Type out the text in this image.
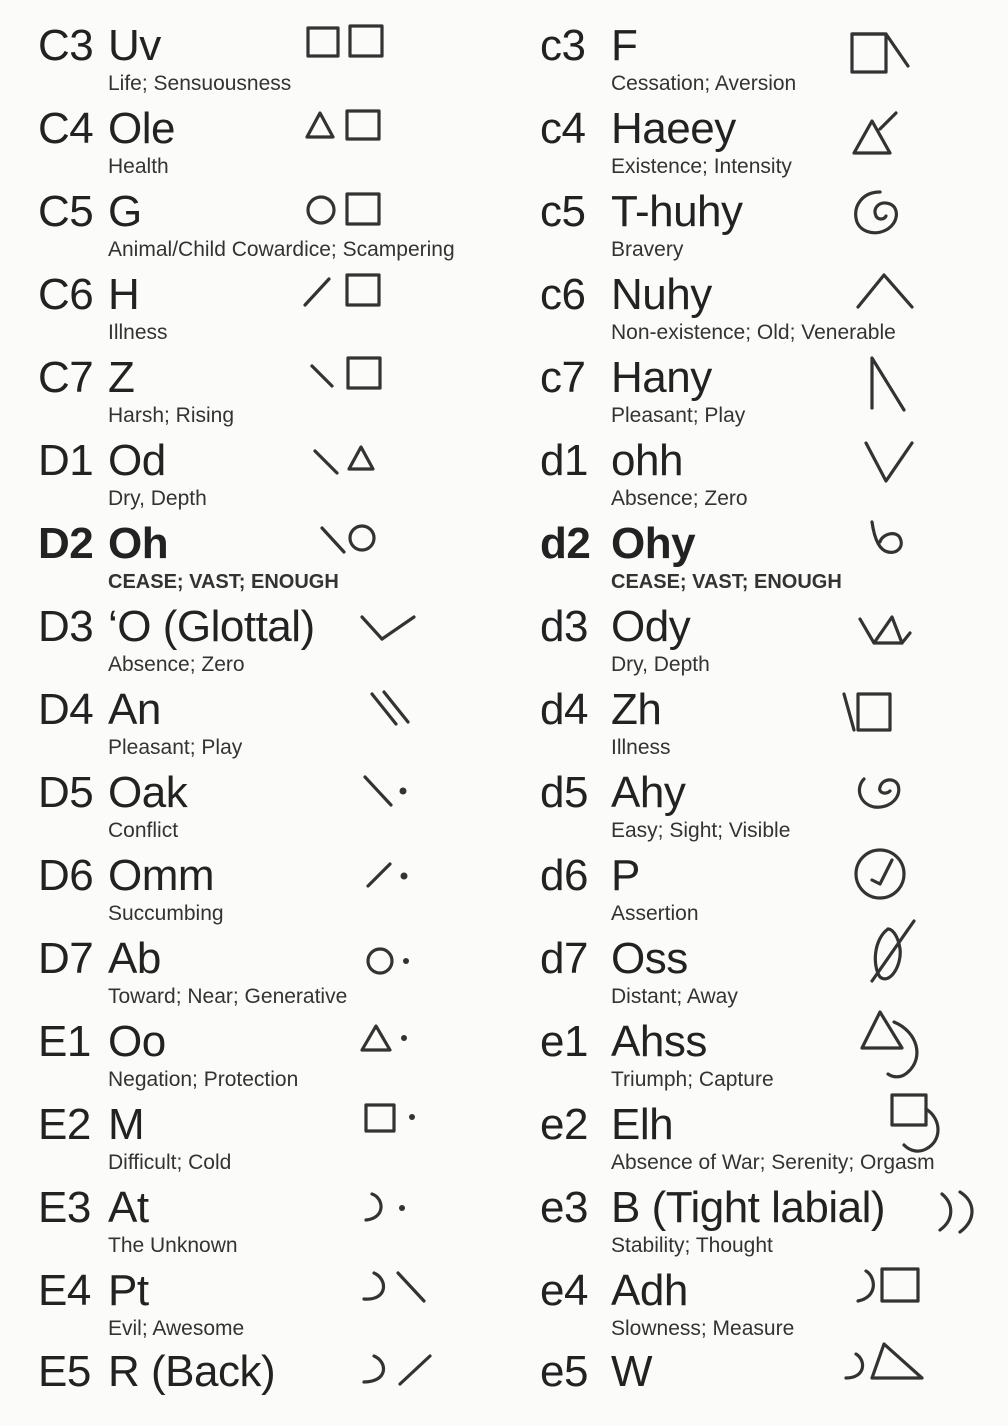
C3 Uv
Life; Sensuousness
C4 Ole
Health
C5 G
Animal/Child Cowardice; Scampering
C6 H
Illness
C7 Z
Harsh; Rising
D1 Od
Dry, Depth
D2 Oh
CEASE; VAST; ENOUGH
D3 ‘O (Glottal)
Absence; Zero
D4 An
Pleasant; Play
D5 Oak
Conflict
D6 Omm
Succumbing
D7 Ab
Toward; Near; Generative
E1 Oo
Negation; Protection
E2 M
Difficult; Cold
E3 At
The Unknown
E4 Pt
Evil; Awesome
E5 R (Back)
c3 F
Cessation; Aversion
c4 Haeey
Existence; Intensity
c5 T-huhy
Bravery
c6 Nuhy
Non-existence; Old; Venerable
c7 Hany
Pleasant; Play
d1 ohh
Absence; Zero
d2 Ohy
CEASE; VAST; ENOUGH
d3 Ody
Dry, Depth
d4 Zh
Illness
d5 Ahy
Easy; Sight; Visible
d6 P
Assertion
d7 Oss
Distant; Away
e1 Ahss
Triumph; Capture
e2 Elh
Absence of War; Serenity; Orgasm
e3 B (Tight labial)
Stability; Thought
e4 Adh
Slowness; Measure
e5 W
